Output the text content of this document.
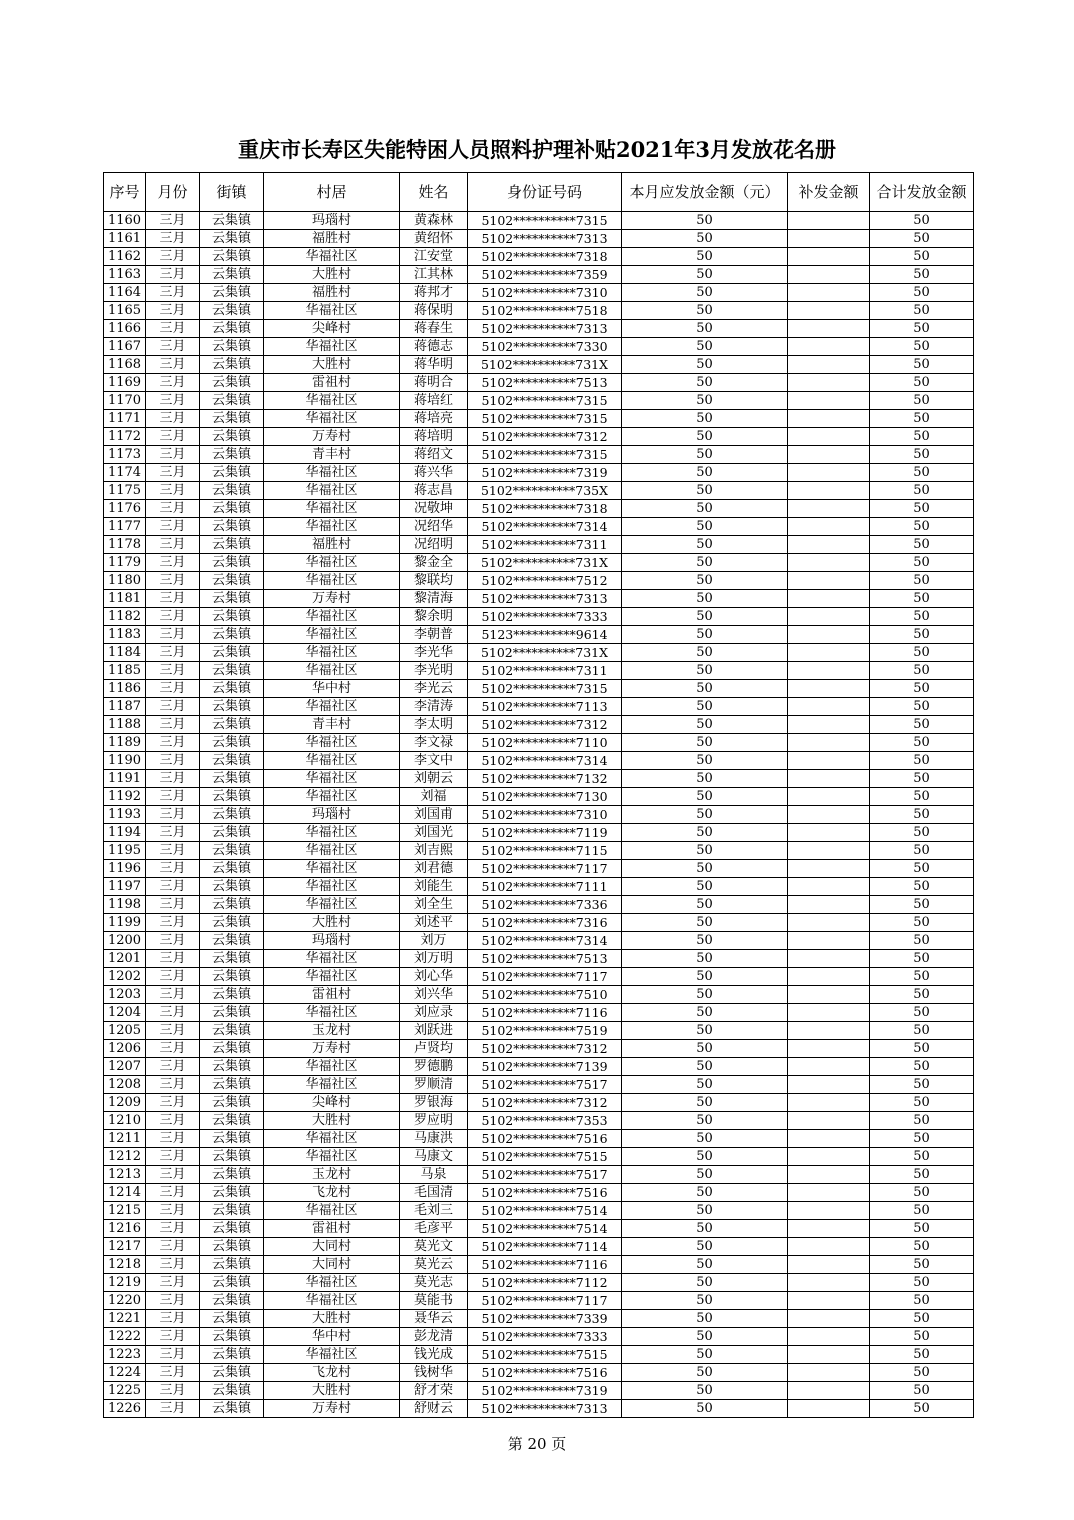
重庆市长寿区失能特困人员照料护理补贴2021年3月发放花名册
序号	月份	街镇	村居	姓名	身份证号码	本月应发放金额（元）	补发金额	合计发放金额
1160	三月	云集镇	玛瑙村	黄森林	5102**********7315	50		50
1161	三月	云集镇	福胜村	黄绍怀	5102**********7313	50		50
1162	三月	云集镇	华福社区	江安堂	5102**********7318	50		50
1163	三月	云集镇	大胜村	江其林	5102**********7359	50		50
1164	三月	云集镇	福胜村	蒋邦才	5102**********7310	50		50
1165	三月	云集镇	华福社区	蒋保明	5102**********7518	50		50
1166	三月	云集镇	尖峰村	蒋春生	5102**********7313	50		50
1167	三月	云集镇	华福社区	蒋德志	5102**********7330	50		50
1168	三月	云集镇	大胜村	蒋华明	5102**********731X	50		50
1169	三月	云集镇	雷祖村	蒋明合	5102**********7513	50		50
1170	三月	云集镇	华福社区	蒋培红	5102**********7315	50		50
1171	三月	云集镇	华福社区	蒋培亮	5102**********7315	50		50
1172	三月	云集镇	万寿村	蒋培明	5102**********7312	50		50
1173	三月	云集镇	青丰村	蒋绍文	5102**********7315	50		50
1174	三月	云集镇	华福社区	蒋兴华	5102**********7319	50		50
1175	三月	云集镇	华福社区	蒋志昌	5102**********735X	50		50
1176	三月	云集镇	华福社区	况敬坤	5102**********7318	50		50
1177	三月	云集镇	华福社区	况绍华	5102**********7314	50		50
1178	三月	云集镇	福胜村	况绍明	5102**********7311	50		50
1179	三月	云集镇	华福社区	黎金全	5102**********731X	50		50
1180	三月	云集镇	华福社区	黎联均	5102**********7512	50		50
1181	三月	云集镇	万寿村	黎清海	5102**********7313	50		50
1182	三月	云集镇	华福社区	黎余明	5102**********7333	50		50
1183	三月	云集镇	华福社区	李朝普	5123**********9614	50		50
1184	三月	云集镇	华福社区	李光华	5102**********731X	50		50
1185	三月	云集镇	华福社区	李光明	5102**********7311	50		50
1186	三月	云集镇	华中村	李光云	5102**********7315	50		50
1187	三月	云集镇	华福社区	李清涛	5102**********7113	50		50
1188	三月	云集镇	青丰村	李太明	5102**********7312	50		50
1189	三月	云集镇	华福社区	李文禄	5102**********7110	50		50
1190	三月	云集镇	华福社区	李文中	5102**********7314	50		50
1191	三月	云集镇	华福社区	刘朝云	5102**********7132	50		50
1192	三月	云集镇	华福社区	刘福	5102**********7130	50		50
1193	三月	云集镇	玛瑙村	刘国甫	5102**********7310	50		50
1194	三月	云集镇	华福社区	刘国光	5102**********7119	50		50
1195	三月	云集镇	华福社区	刘吉熙	5102**********7115	50		50
1196	三月	云集镇	华福社区	刘君德	5102**********7117	50		50
1197	三月	云集镇	华福社区	刘能生	5102**********7111	50		50
1198	三月	云集镇	华福社区	刘全生	5102**********7336	50		50
1199	三月	云集镇	大胜村	刘述平	5102**********7316	50		50
1200	三月	云集镇	玛瑙村	刘万	5102**********7314	50		50
1201	三月	云集镇	华福社区	刘万明	5102**********7513	50		50
1202	三月	云集镇	华福社区	刘心华	5102**********7117	50		50
1203	三月	云集镇	雷祖村	刘兴华	5102**********7510	50		50
1204	三月	云集镇	华福社区	刘应录	5102**********7116	50		50
1205	三月	云集镇	玉龙村	刘跃进	5102**********7519	50		50
1206	三月	云集镇	万寿村	卢贤均	5102**********7312	50		50
1207	三月	云集镇	华福社区	罗德鹏	5102**********7139	50		50
1208	三月	云集镇	华福社区	罗顺清	5102**********7517	50		50
1209	三月	云集镇	尖峰村	罗银海	5102**********7312	50		50
1210	三月	云集镇	大胜村	罗应明	5102**********7353	50		50
1211	三月	云集镇	华福社区	马康洪	5102**********7516	50		50
1212	三月	云集镇	华福社区	马康文	5102**********7515	50		50
1213	三月	云集镇	玉龙村	马泉	5102**********7517	50		50
1214	三月	云集镇	飞龙村	毛国清	5102**********7516	50		50
1215	三月	云集镇	华福社区	毛刘三	5102**********7514	50		50
1216	三月	云集镇	雷祖村	毛彦平	5102**********7514	50		50
1217	三月	云集镇	大同村	莫光文	5102**********7114	50		50
1218	三月	云集镇	大同村	莫光云	5102**********7116	50		50
1219	三月	云集镇	华福社区	莫光志	5102**********7112	50		50
1220	三月	云集镇	华福社区	莫能书	5102**********7117	50		50
1221	三月	云集镇	大胜村	聂华云	5102**********7339	50		50
1222	三月	云集镇	华中村	彭龙清	5102**********7333	50		50
1223	三月	云集镇	华福社区	钱光成	5102**********7515	50		50
1224	三月	云集镇	飞龙村	钱树华	5102**********7516	50		50
1225	三月	云集镇	大胜村	舒才荣	5102**********7319	50		50
1226	三月	云集镇	万寿村	舒财云	5102**********7313	50		50
第 20 页
